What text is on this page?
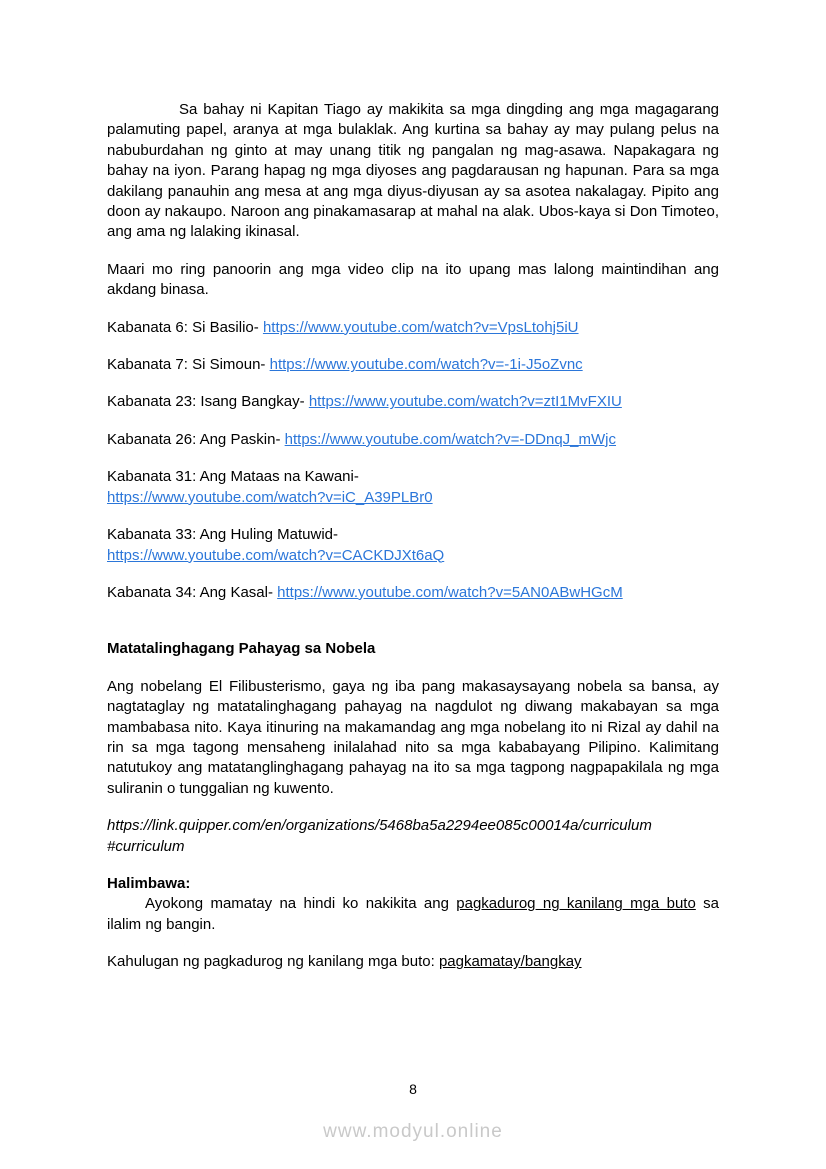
Sa bahay ni Kapitan Tiago ay makikita sa mga dingding ang mga magagarang palamuting papel, aranya at mga bulaklak. Ang kurtina sa bahay ay may pulang pelus na nabuburdahan ng ginto at may unang titik ng pangalan ng mag-asawa. Napakagara ng bahay na iyon. Parang hapag ng mga diyoses ang pagdarausan ng hapunan. Para sa mga dakilang panauhin ang mesa at ang mga diyus-diyusan ay sa asotea nakalagay. Pipito ang doon ay nakaupo. Naroon ang pinakamasarap at mahal na alak. Ubos-kaya si Don Timoteo, ang ama ng lalaking ikinasal.

Maari mo ring panoorin ang mga video clip na ito upang mas lalong maintindihan ang akdang binasa.

Kabanata 6: Si Basilio- https://www.youtube.com/watch?v=VpsLtohj5iU

Kabanata 7: Si Simoun- https://www.youtube.com/watch?v=-1i-J5oZvnc

Kabanata 23: Isang Bangkay- https://www.youtube.com/watch?v=ztI1MvFXIU

Kabanata 26: Ang Paskin- https://www.youtube.com/watch?v=-DDnqJ_mWjc

Kabanata 31: Ang Mataas na Kawani-
https://www.youtube.com/watch?v=iC_A39PLBr0

Kabanata 33: Ang Huling Matuwid-
https://www.youtube.com/watch?v=CACKDJXt6aQ

Kabanata 34: Ang Kasal- https://www.youtube.com/watch?v=5AN0ABwHGcM

Matatalinghagang Pahayag sa Nobela

Ang nobelang El Filibusterismo, gaya ng iba pang makasaysayang nobela sa bansa, ay nagtataglay ng matatalinghagang pahayag na nagdulot ng diwang makabayan sa mga mambabasa nito. Kaya itinuring na makamandag ang mga nobelang ito ni Rizal ay dahil na rin sa mga tagong mensaheng inilalahad nito sa mga kababayang Pilipino. Kalimitang natutukoy ang matatanglinghagang pahayag na ito sa mga tagpong nagpapakilala ng mga suliranin o tunggalian ng kuwento.

https://link.quipper.com/en/organizations/5468ba5a2294ee085c00014a/curriculum
#curriculum

Halimbawa:

Ayokong mamatay na hindi ko nakikita ang pagkadurog ng kanilang mga buto sa ilalim ng bangin.

Kahulugan ng pagkadurog ng kanilang mga buto: pagkamatay/bangkay

8
www.modyul.online
